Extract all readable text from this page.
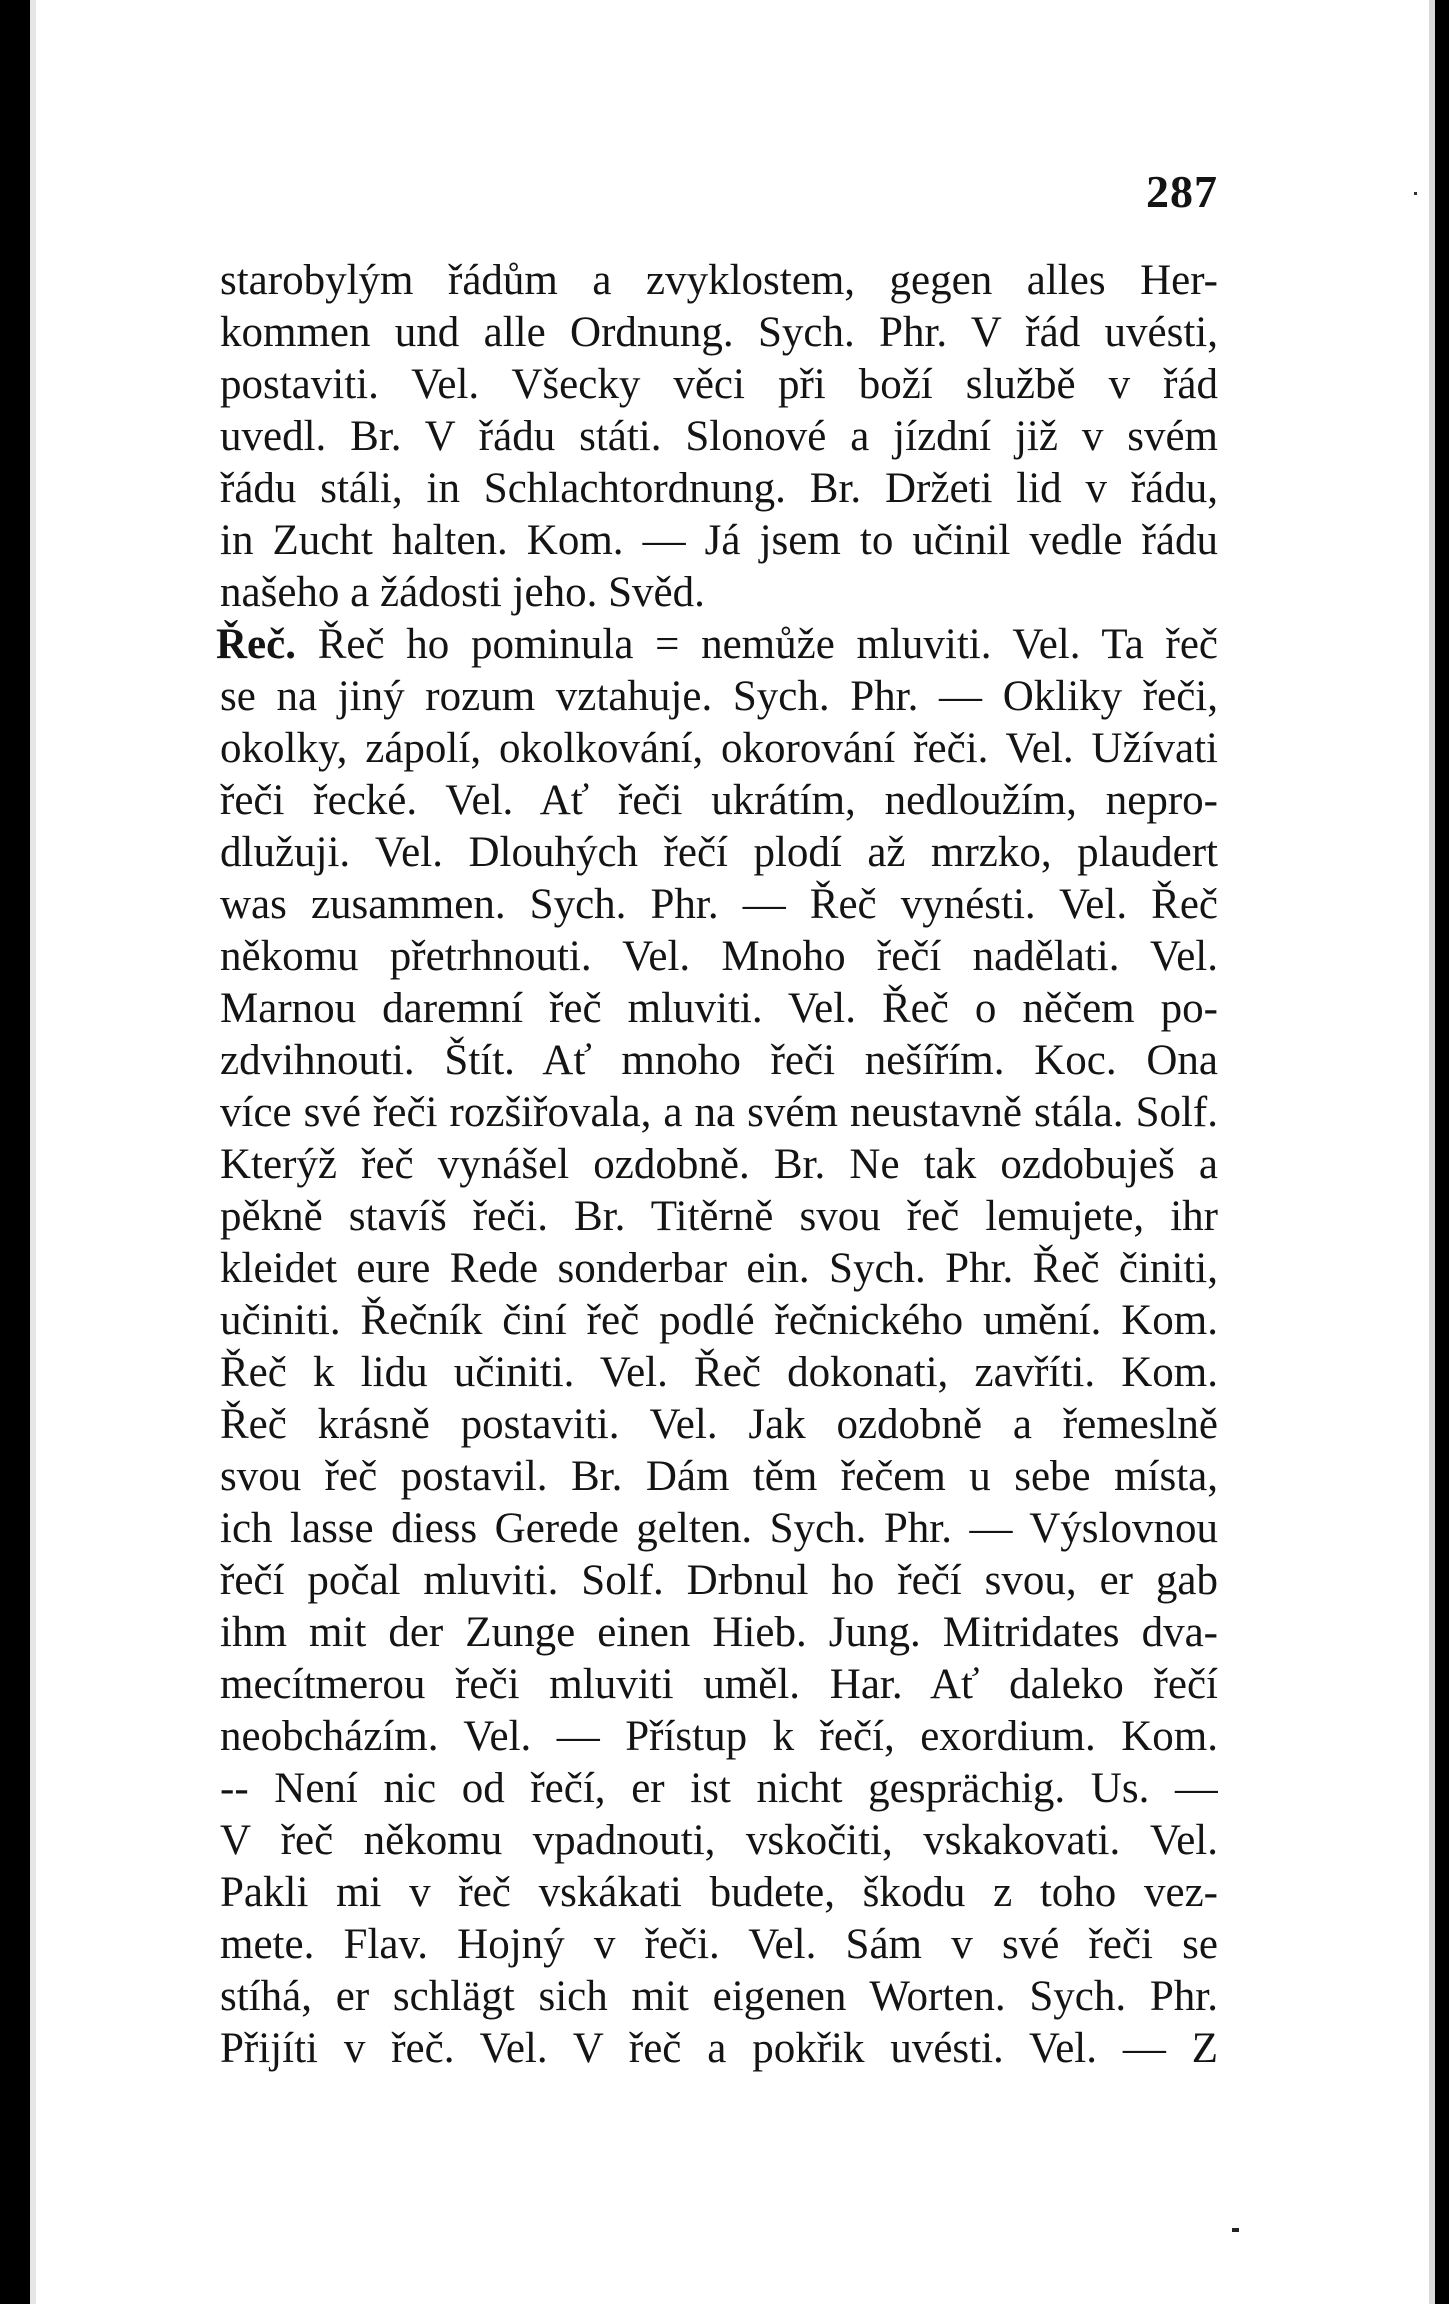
287
starobylým řádům a zvyklostem, gegen alles Her-
kommen und alle Ordnung. Sych. Phr. V řád uvésti,
postaviti. Vel. Všecky věci při boží službě v řád
uvedl. Br. V řádu státi. Slonové a jízdní již v svém
řádu stáli, in Schlachtordnung. Br. Držeti lid v řádu,
in Zucht halten. Kom. — Já jsem to učinil vedle řádu
našeho a žádosti jeho. Svěd.
Řeč. Řeč ho pominula = nemůže mluviti. Vel. Ta řeč
se na jiný rozum vztahuje. Sych. Phr. — Okliky řeči,
okolky, zápolí, okolkování, okorování řeči. Vel. Užívati
řeči řecké. Vel. Ať řeči ukrátím, nedloužím, nepro-
dlužuji. Vel. Dlouhých řečí plodí až mrzko, plaudert
was zusammen. Sych. Phr. — Řeč vynésti. Vel. Řeč
někomu přetrhnouti. Vel. Mnoho řečí nadělati. Vel.
Marnou daremní řeč mluviti. Vel. Řeč o něčem po-
zdvihnouti. Štít. Ať mnoho řeči nešířím. Koc. Ona
více své řeči rozšiřovala, a na svém neustavně stála. Solf.
Kterýž řeč vynášel ozdobně. Br. Ne tak ozdobuješ a
pěkně stavíš řeči. Br. Titěrně svou řeč lemujete, ihr
kleidet eure Rede sonderbar ein. Sych. Phr. Řeč činiti,
učiniti. Řečník činí řeč podlé řečnického umění. Kom.
Řeč k lidu učiniti. Vel. Řeč dokonati, zavříti. Kom.
Řeč krásně postaviti. Vel. Jak ozdobně a řemeslně
svou řeč postavil. Br. Dám těm řečem u sebe místa,
ich lasse diess Gerede gelten. Sych. Phr. — Výslovnou
řečí počal mluviti. Solf. Drbnul ho řečí svou, er gab
ihm mit der Zunge einen Hieb. Jung. Mitridates dva-
mecítmerou řeči mluviti uměl. Har. Ať daleko řečí
neobcházím. Vel. — Přístup k řečí, exordium. Kom.
-- Není nic od řečí, er ist nicht gesprächig. Us. —
V řeč někomu vpadnouti, vskočiti, vskakovati. Vel.
Pakli mi v řeč vskákati budete, škodu z toho vez-
mete. Flav. Hojný v řeči. Vel. Sám v své řeči se
stíhá, er schlägt sich mit eigenen Worten. Sych. Phr.
Přijíti v řeč. Vel. V řeč a pokřik uvésti. Vel. — Z
